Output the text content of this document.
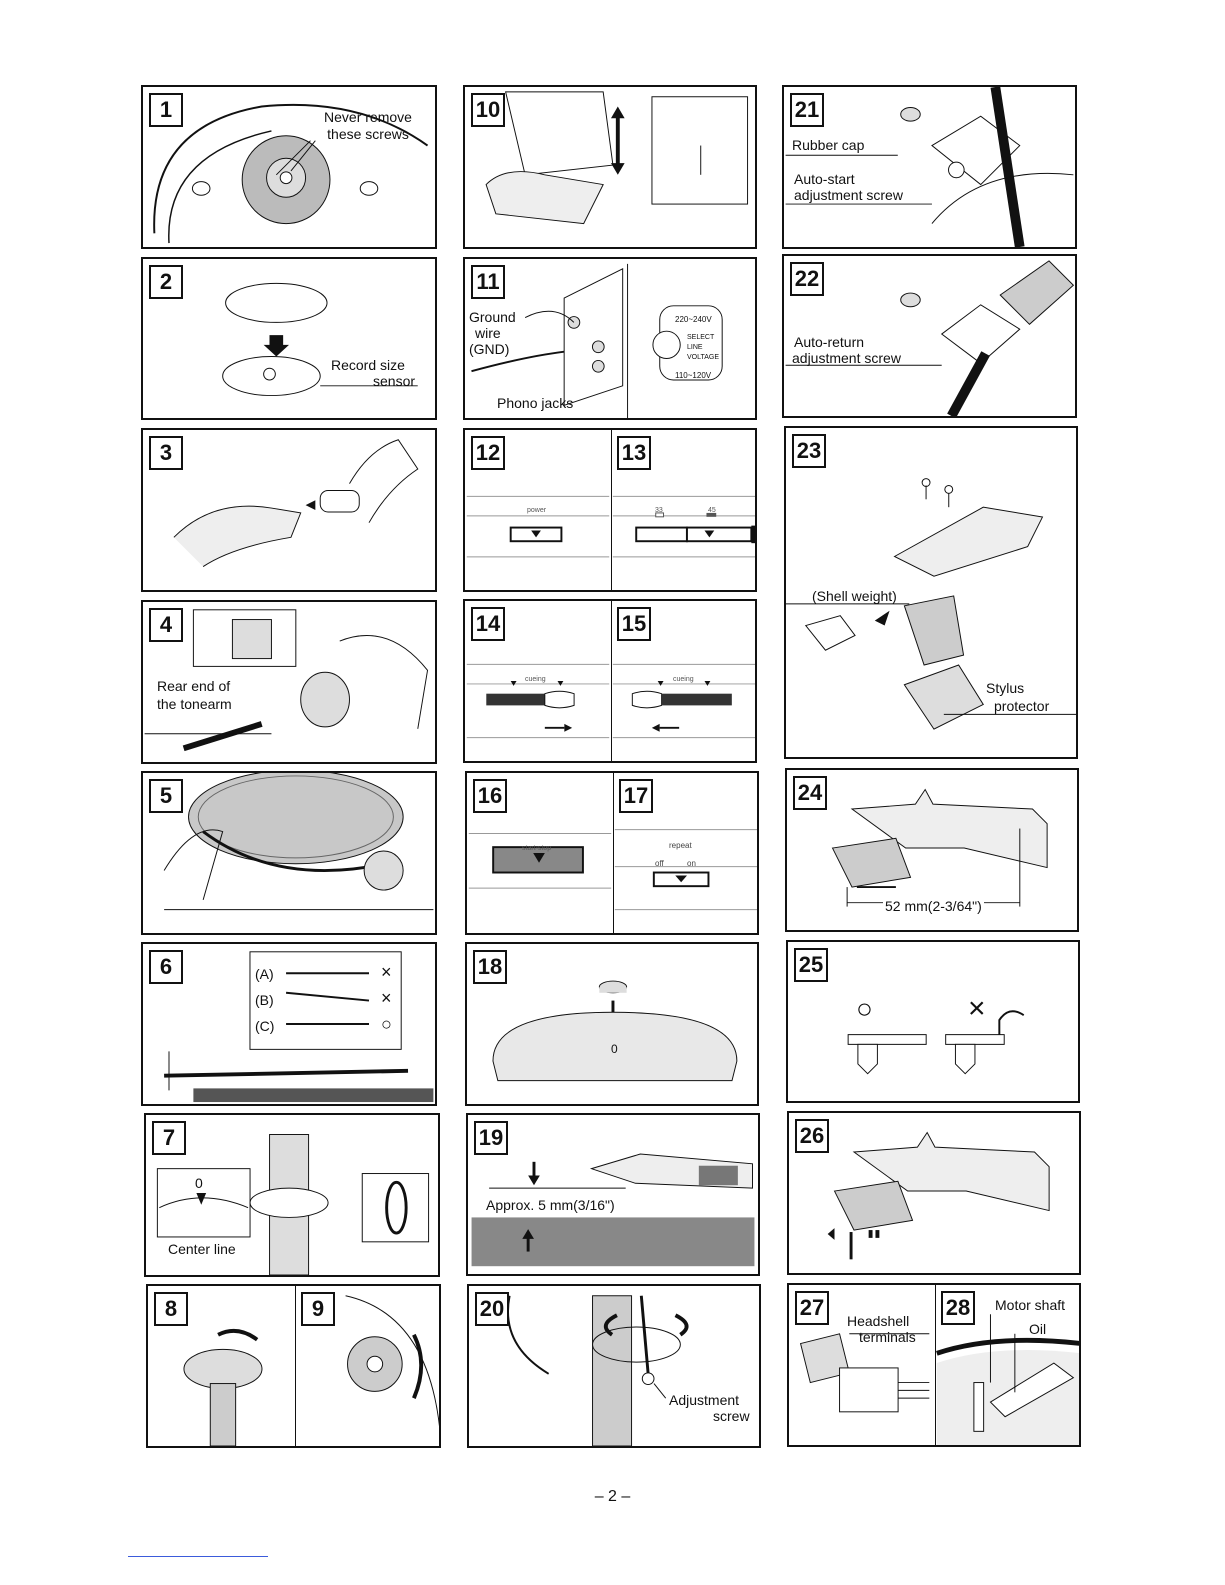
1	Never remove these screws
2
Record size
sensor
3
4
Rear end of
the tonearm
5
6	(A)	×
(B)	×
(C)	○
7
0
Center line
8	9
10
11
Ground
wire
(GND)
Phono jacks
220~240V
SELECT
LINE
VOLTAGE
110~120V
12
power
13
33	45
14
cueing
15
cueing
16
start-stop
17
repeat
off	on
18
0
19
Approx. 5 mm(3/16")
20
Adjustment
screw
21
Rubber cap
Auto-start
adjustment screw
22
Auto-return
adjustment screw
23
(Shell weight)
Stylus
protector
24
52 mm(2-3/64")
25
○	×
26
27
Headshell
terminals
28	Motor shaft
Oil
– 2 –
